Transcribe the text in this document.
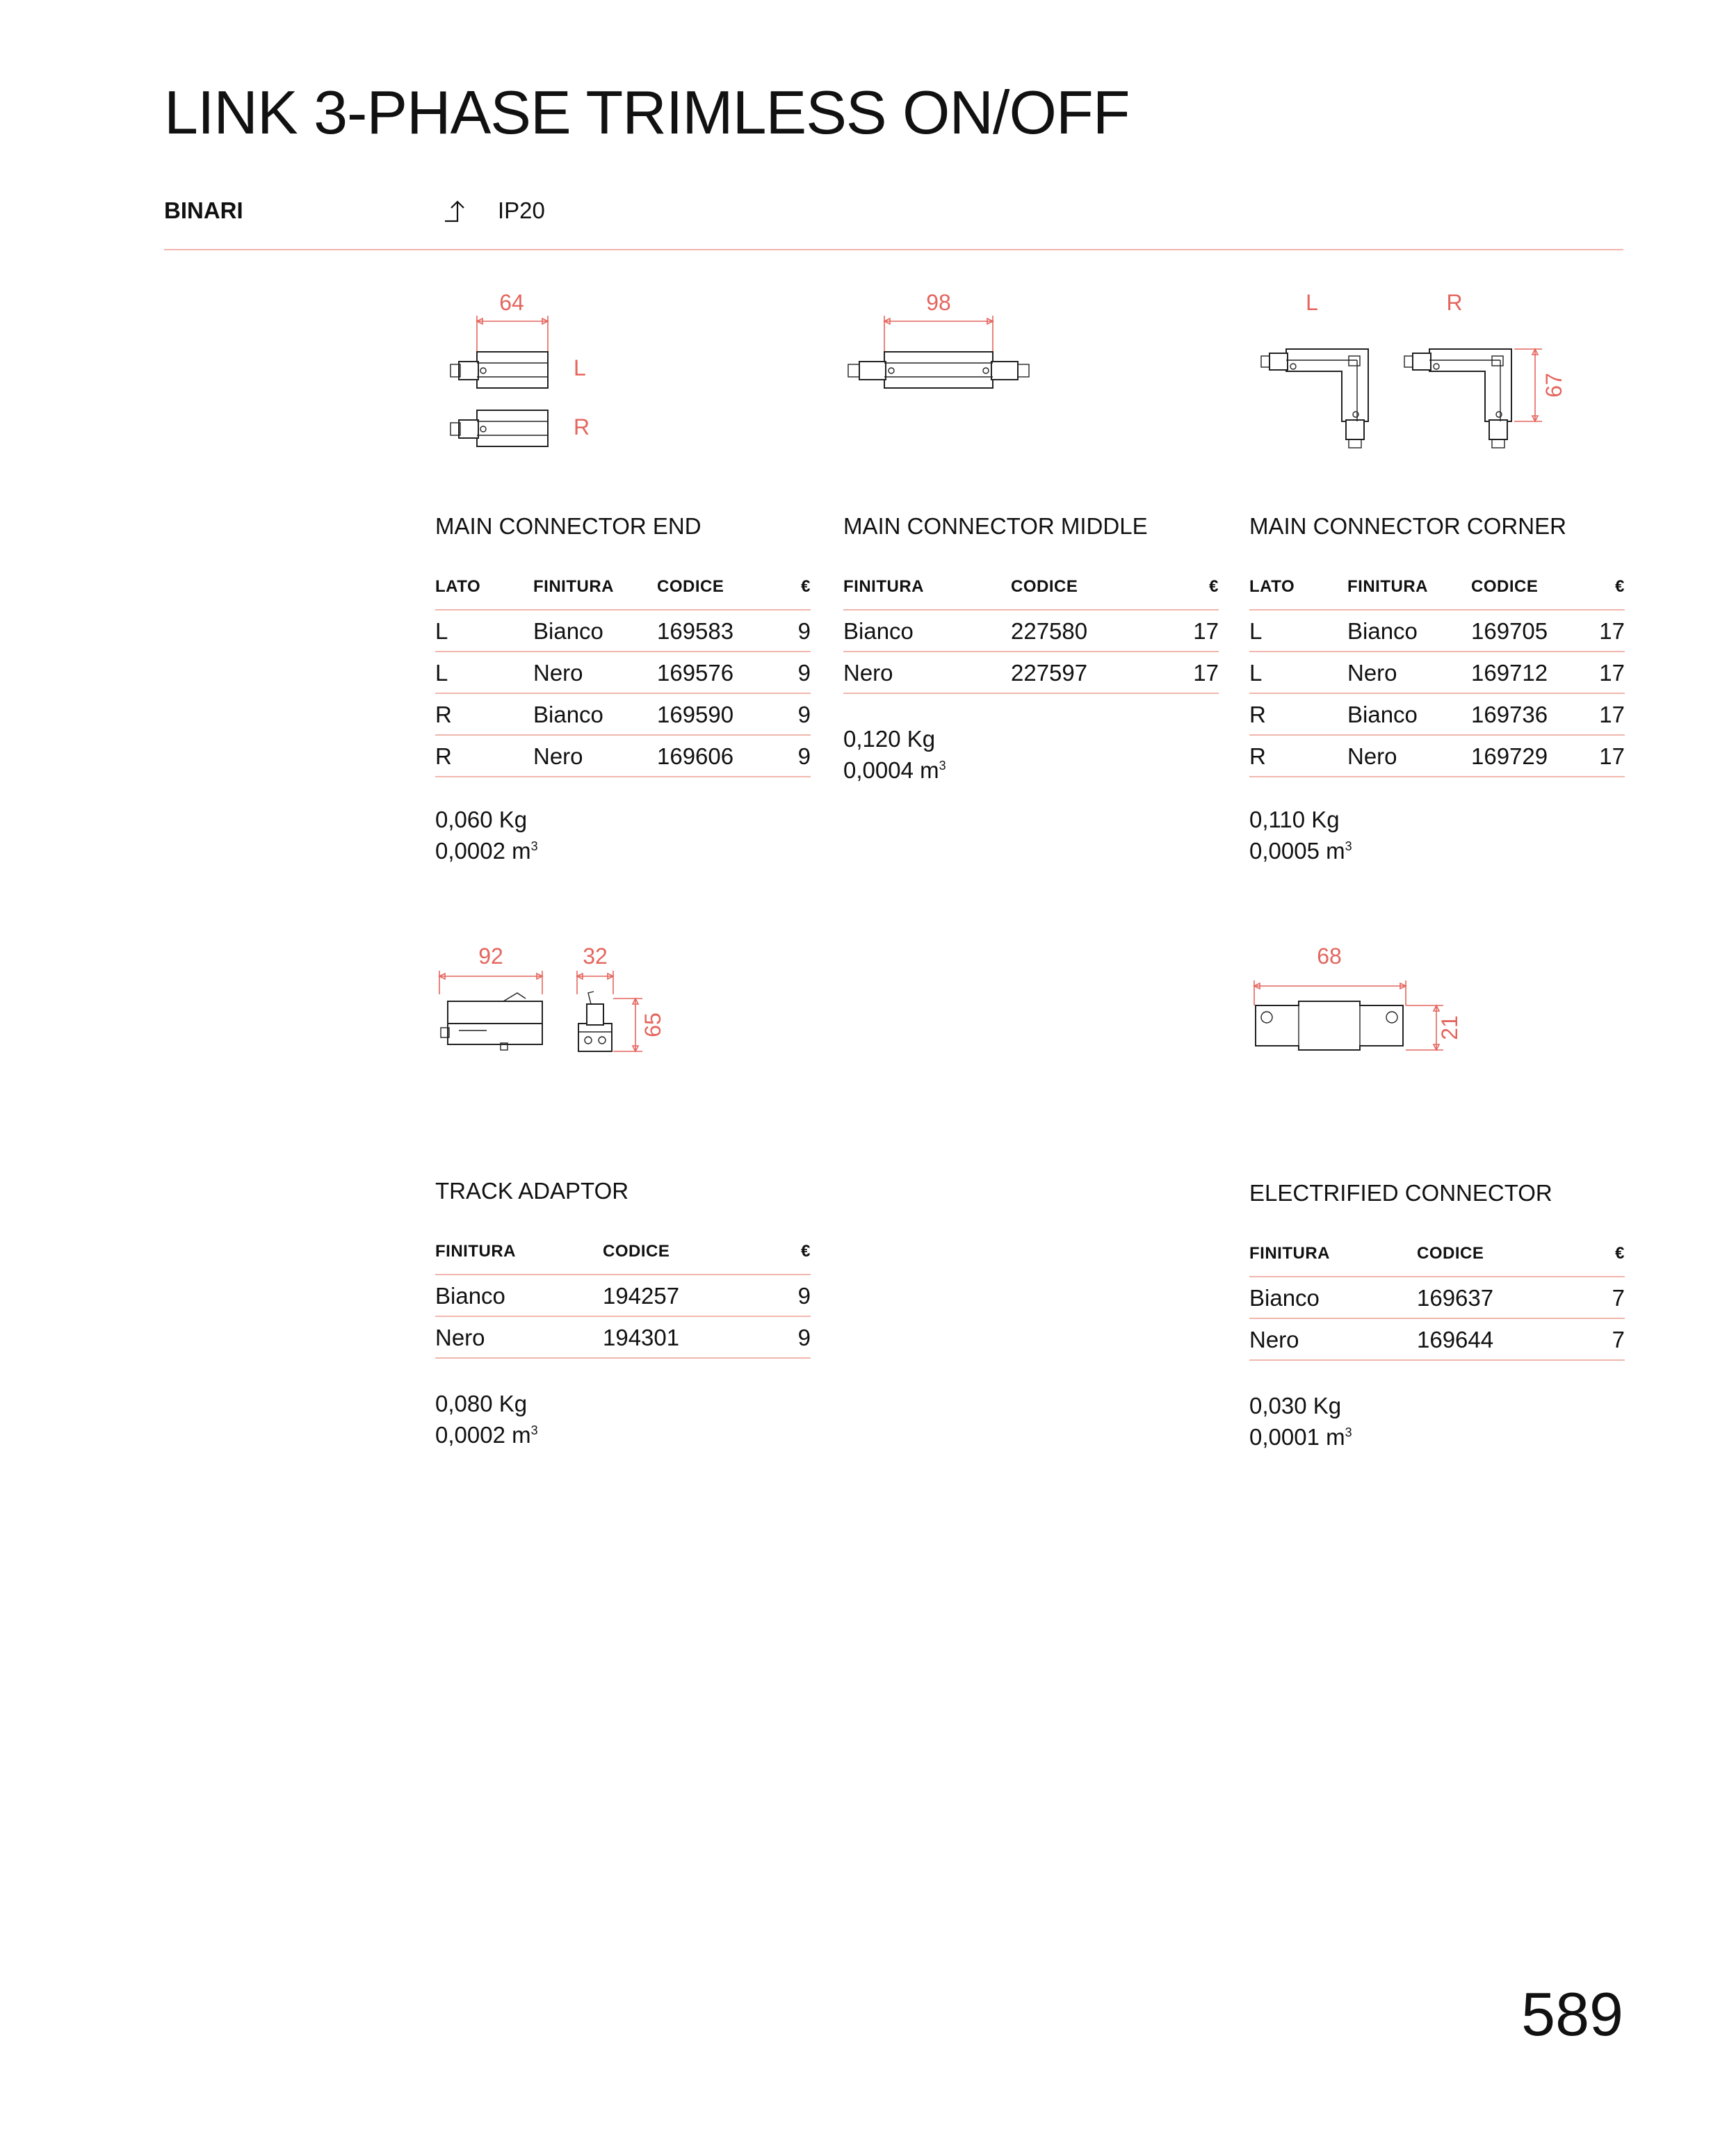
LINK 3-PHASE TRIMLESS ON/OFF
BINARI	IP20
64
L
R
MAIN CONNECTOR END
LATO	FINITURA	CODICE	€
L	Bianco	169583	9
L	Nero	169576	9
R	Bianco	169590	9
R	Nero	169606	9
0,060 Kg
0,0002 $m^3$
98
MAIN CONNECTOR MIDDLE
FINITURA	CODICE	€
Bianco	227580	17
Nero	227597	17
0,120 Kg
0,0004 $m^3$
L	R
67
MAIN CONNECTOR CORNER
LATO	FINITURA	CODICE	€
L	Bianco	169705	17
L	Nero	169712	17
R	Bianco	169736	17
R	Nero	169729	17
0,110 Kg
0,0005 $m^3$
92	32
65
TRACK ADAPTOR
FINITURA	CODICE	€
Bianco	194257	9
Nero	194301	9
0,080 Kg
0,0002 $m^3$
68
21
ELECTRIFIED CONNECTOR
FINITURA	CODICE	€
Bianco	169637	7
Nero	169644	7
0,030 Kg
0,0001 $m^3$
589
